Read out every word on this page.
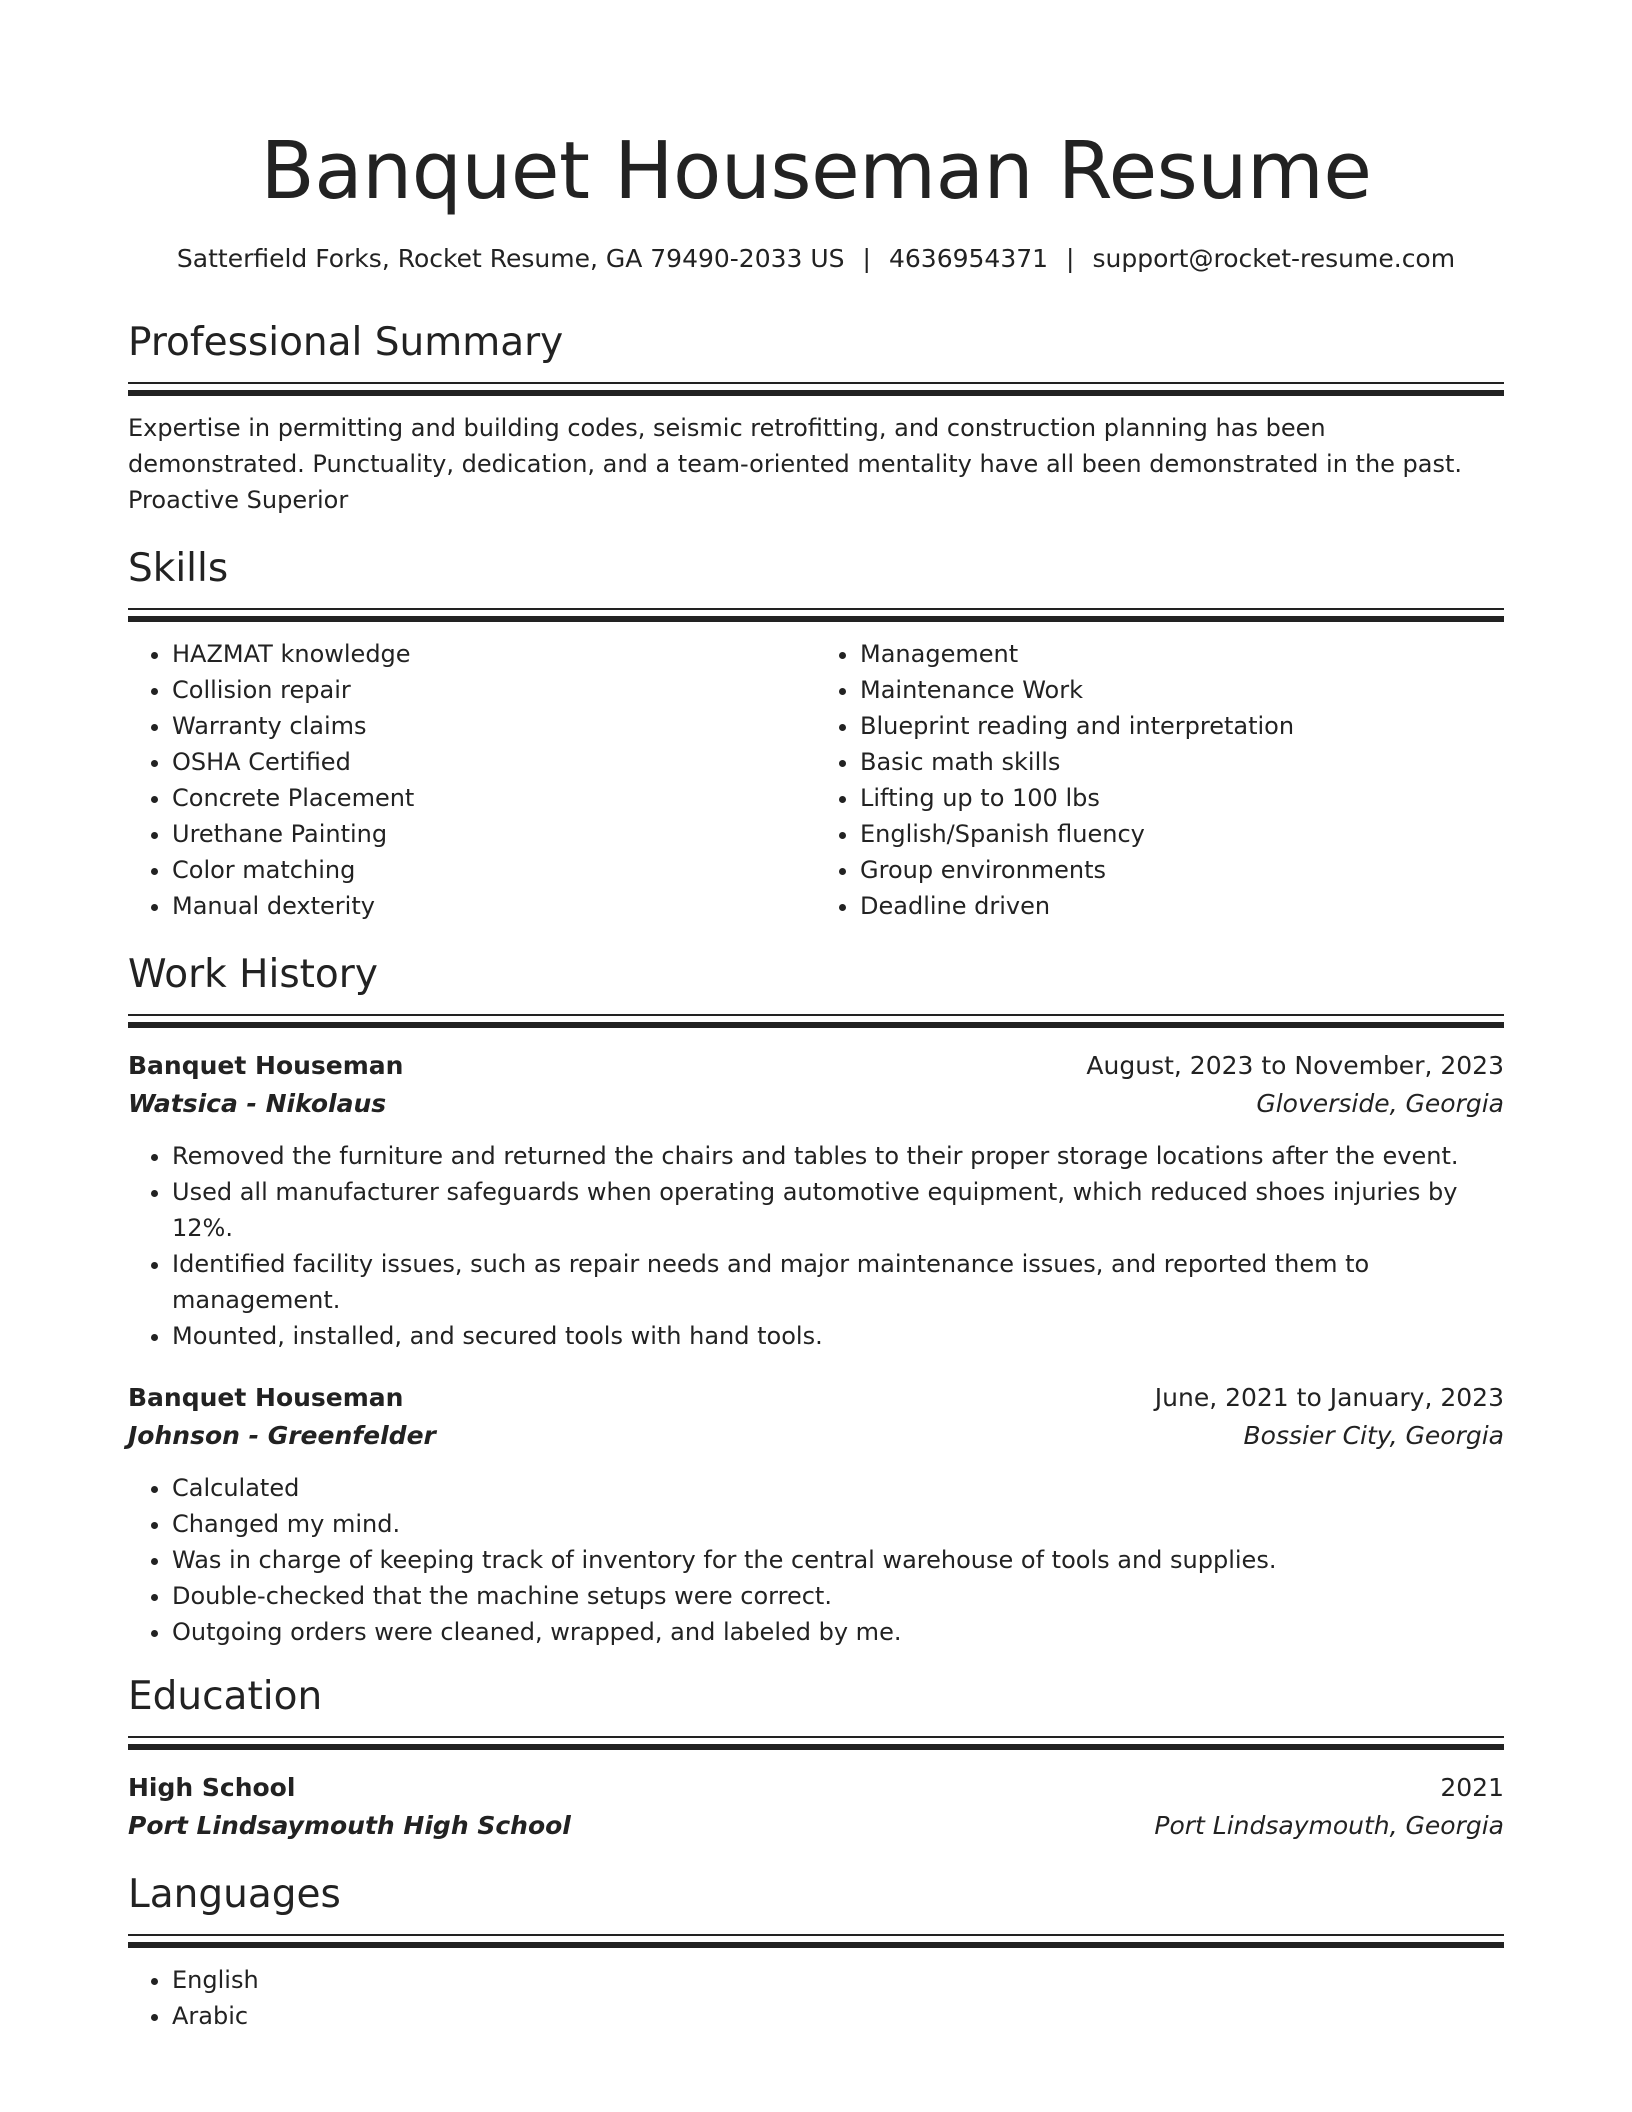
Banquet Houseman Resume
Satterfield Forks, Rocket Resume, GA 79490-2033 US | 4636954371 | support@rocket-resume.com
Professional Summary
Expertise in permitting and building codes, seismic retrofitting, and construction planning has been demonstrated. Punctuality, dedication, and a team-oriented mentality have all been demonstrated in the past. Proactive Superior
Skills
• HAZMAT knowledge
• Collision repair
• Warranty claims
• OSHA Certified
• Concrete Placement
• Urethane Painting
• Color matching
• Manual dexterity
• Management
• Maintenance Work
• Blueprint reading and interpretation
• Basic math skills
• Lifting up to 100 lbs
• English/Spanish fluency
• Group environments
• Deadline driven
Work History
Banquet Houseman	August, 2023 to November, 2023
Watsica - Nikolaus	Gloverside, Georgia
• Removed the furniture and returned the chairs and tables to their proper storage locations after the event.
• Used all manufacturer safeguards when operating automotive equipment, which reduced shoes injuries by 12%.
• Identified facility issues, such as repair needs and major maintenance issues, and reported them to management.
• Mounted, installed, and secured tools with hand tools.
Banquet Houseman	June, 2021 to January, 2023
Johnson - Greenfelder	Bossier City, Georgia
• Calculated
• Changed my mind.
• Was in charge of keeping track of inventory for the central warehouse of tools and supplies.
• Double-checked that the machine setups were correct.
• Outgoing orders were cleaned, wrapped, and labeled by me.
Education
High School	2021
Port Lindsaymouth High School	Port Lindsaymouth, Georgia
Languages
• English
• Arabic
